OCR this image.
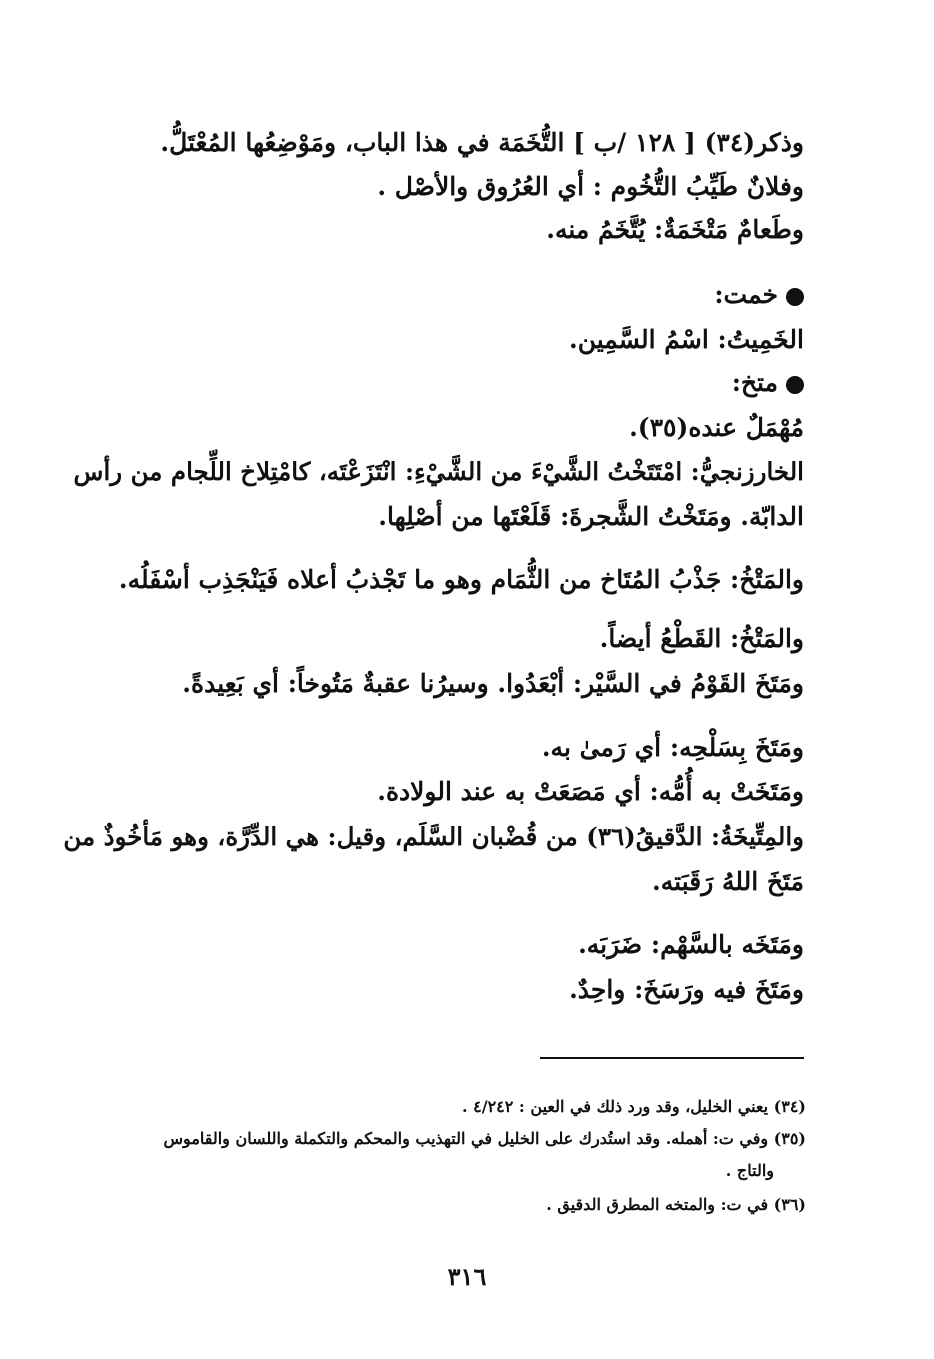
وذكر(٣٤) [ ١٢٨ /ب ] التُّخَمَة في هذا الباب، ومَوْضِعُها المُعْتَلُّ.
وفلانٌ طَيِّبُ التُّخُوم : أي العُرُوق والأصْل .
وطَعامٌ مَتْخَمَةٌ: يُتَّخَمُ منه.
خمت:
الخَمِيتُ: اسْمُ السَّمِين.
متخ:
مُهْمَلٌ عنده(٣٥).
الخارزنجيُّ: امْتَتَخْتُ الشَّيْءَ من الشَّيْءِ: انْتَزَعْتَه، كامْتِلاخ اللِّجام من رأس
الدابّة. ومَتَخْتُ الشَّجرةَ: قَلَعْتَها من أصْلِها.
والمَتْخُ: جَذْبُ المُتَاخ من الثُّمَام وهو ما تَجْذبُ أعلاه فَيَنْجَذِب أسْفَلُه.
والمَتْخُ: القَطْعُ أيضاً.
ومَتَخَ القَوْمُ في السَّيْر: أبْعَدُوا. وسيرُنا عقبةٌ مَتُوخاً: أي بَعِيدةً.
ومَتَخَ بِسَلْحِه: أي رَمىٰ به.
ومَتَخَتْ به أُمُّه: أي مَصَعَتْ به عند الولادة.
والمِتِّيخَةُ: الدَّقيقُ(٣٦) من قُضْبان السَّلَم، وقيل: هي الدِّرَّة، وهو مَأخُوذٌ من
مَتَخَ اللهُ رَقَبَته.
ومَتَخَه بالسَّهْم: ضَرَبَه.
ومَتَخَ فيه ورَسَخَ: واحِدٌ.
(٣٤) يعني الخليل، وقد ورد ذلك في العين : ٤/٢٤٢ .
(٣٥) وفي ت: أهمله. وقد استُدرك على الخليل في التهذيب والمحكم والتكملة واللسان والقاموس
والتاج .
(٣٦) في ت: والمتخه المطرق الدقيق .
٣١٦
